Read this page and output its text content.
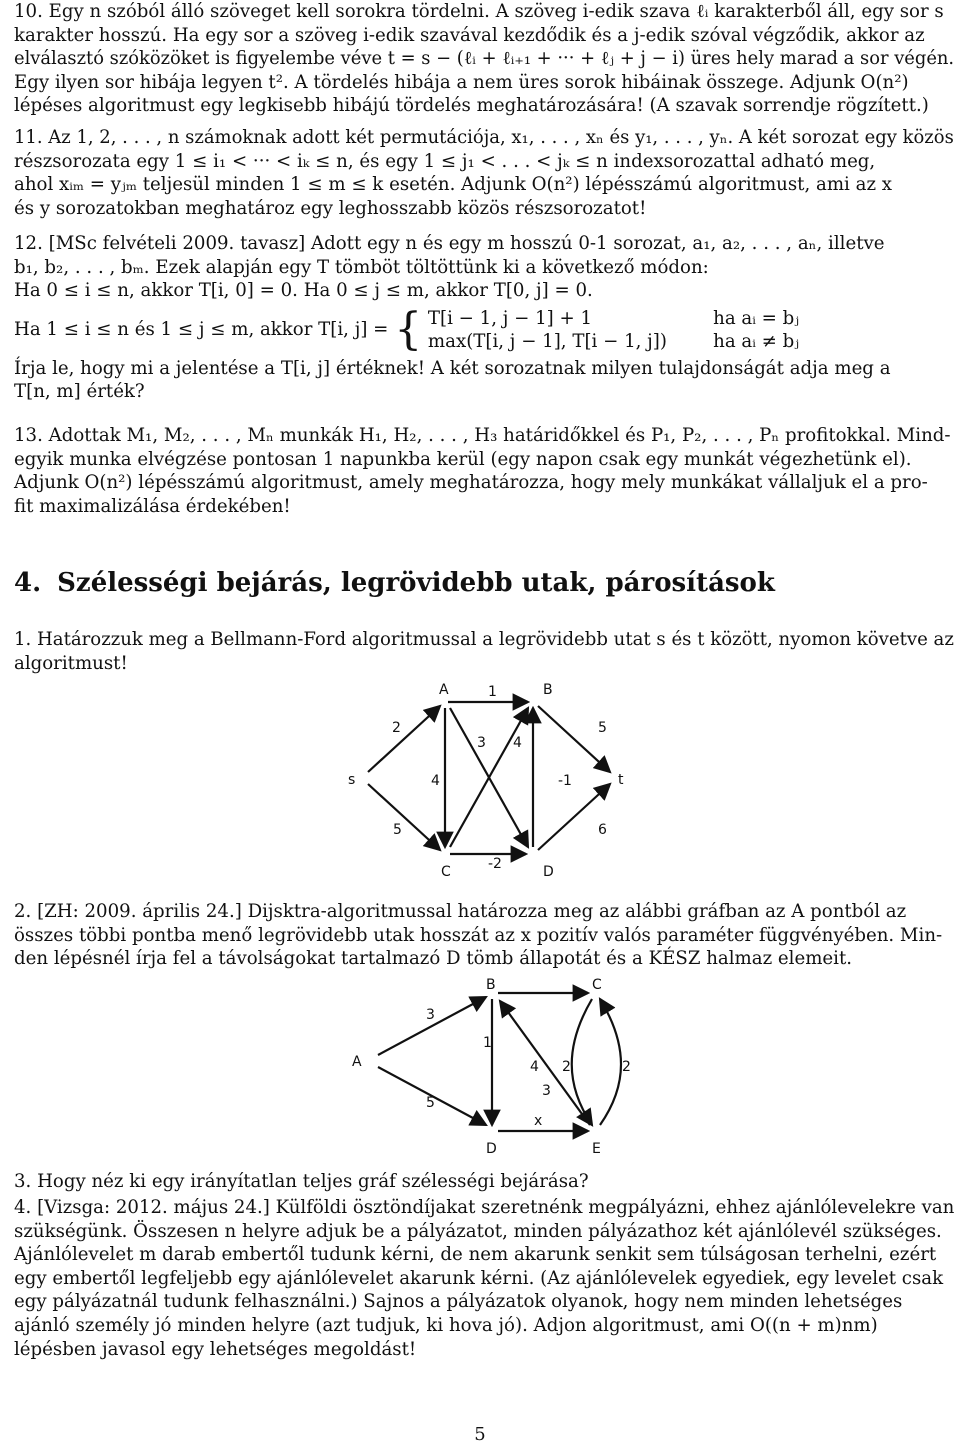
10. Egy n szóból álló szöveget kell sorokra tördelni. A szöveg i-edik szava ℓᵢ karakterből áll, egy sor s
karakter hosszú. Ha egy sor a szöveg i-edik szavával kezdődik és a j-edik szóval végződik, akkor az
elválasztó szóközöket is figyelembe véve t = s − (ℓᵢ + ℓᵢ₊₁ + ··· + ℓⱼ + j − i) üres hely marad a sor végén.
Egy ilyen sor hibája legyen t². A tördelés hibája a nem üres sorok hibáinak összege. Adjunk O(n²)
lépéses algoritmust egy legkisebb hibájú tördelés meghatározására! (A szavak sorrendje rögzített.)
11. Az 1, 2, . . . , n számoknak adott két permutációja, x₁, . . . , xₙ és y₁, . . . , yₙ. A két sorozat egy közös
részsorozata egy 1 ≤ i₁ < ··· < iₖ ≤ n, és egy 1 ≤ j₁ < . . . < jₖ ≤ n indexsorozattal adható meg,
ahol xᵢₘ = yⱼₘ teljesül minden 1 ≤ m ≤ k esetén. Adjunk O(n²) lépésszámú algoritmust, ami az x
és y sorozatokban meghatároz egy leghosszabb közös részsorozatot!
12. [MSc felvételi 2009. tavasz] Adott egy n és egy m hosszú 0-1 sorozat, a₁, a₂, . . . , aₙ, illetve
b₁, b₂, . . . , bₘ. Ezek alapján egy T tömböt töltöttünk ki a következő módon:
Ha 0 ≤ i ≤ n, akkor T[i, 0] = 0. Ha 0 ≤ j ≤ m, akkor T[0, j] = 0.
Ha 1 ≤ i ≤ n és 1 ≤ j ≤ m, akkor T[i, j] = { T[i − 1, j − 1] + 1	ha aᵢ = bⱼ
max(T[i, j − 1], T[i − 1, j])	ha aᵢ ≠ bⱼ
Írja le, hogy mi a jelentése a T[i, j] értéknek! A két sorozatnak milyen tulajdonságát adja meg a
T[n, m] érték?
13. Adottak M₁, M₂, . . . , Mₙ munkák H₁, H₂, . . . , H₃ határidőkkel és P₁, P₂, . . . , Pₙ profitokkal. Mind-
egyik munka elvégzése pontosan 1 napunkba kerül (egy napon csak egy munkát végezhetünk el).
Adjunk O(n²) lépésszámú algoritmust, amely meghatározza, hogy mely munkákat vállaljuk el a pro-
fit maximalizálása érdekében!
4. Szélességi bejárás, legrövidebb utak, párosítások
1. Határozzuk meg a Bellmann-Ford algoritmussal a legrövidebb utat s és t között, nyomon követve az
algoritmust!
A	B
s	t
C	D
1
2
3 4
5
4	-1
5	6
-2
2. [ZH: 2009. április 24.] Dijsktra-algoritmussal határozza meg az alábbi gráfban az A pontból az
összes többi pontba menő legrövidebb utak hosszát az x pozitív valós paraméter függvényében. Min-
den lépésnél írja fel a távolságokat tartalmazó D tömb állapotát és a KÉSZ halmaz elemeit.
A
B	C
D	E
3
1
4
3
2	2
5
x
3. Hogy néz ki egy irányítatlan teljes gráf szélességi bejárása?
4. [Vizsga: 2012. május 24.] Külföldi ösztöndíjakat szeretnénk megpályázni, ehhez ajánlólevelekre van
szükségünk. Összesen n helyre adjuk be a pályázatot, minden pályázathoz két ajánlólevél szükséges.
Ajánlólevelet m darab embertől tudunk kérni, de nem akarunk senkit sem túlságosan terhelni, ezért
egy embertől legfeljebb egy ajánlólevelet akarunk kérni. (Az ajánlólevelek egyediek, egy levelet csak
egy pályázatnál tudunk felhasználni.) Sajnos a pályázatok olyanok, hogy nem minden lehetséges
ajánló személy jó minden helyre (azt tudjuk, ki hova jó). Adjon algoritmust, ami O((n + m)nm)
lépésben javasol egy lehetséges megoldást!
5
